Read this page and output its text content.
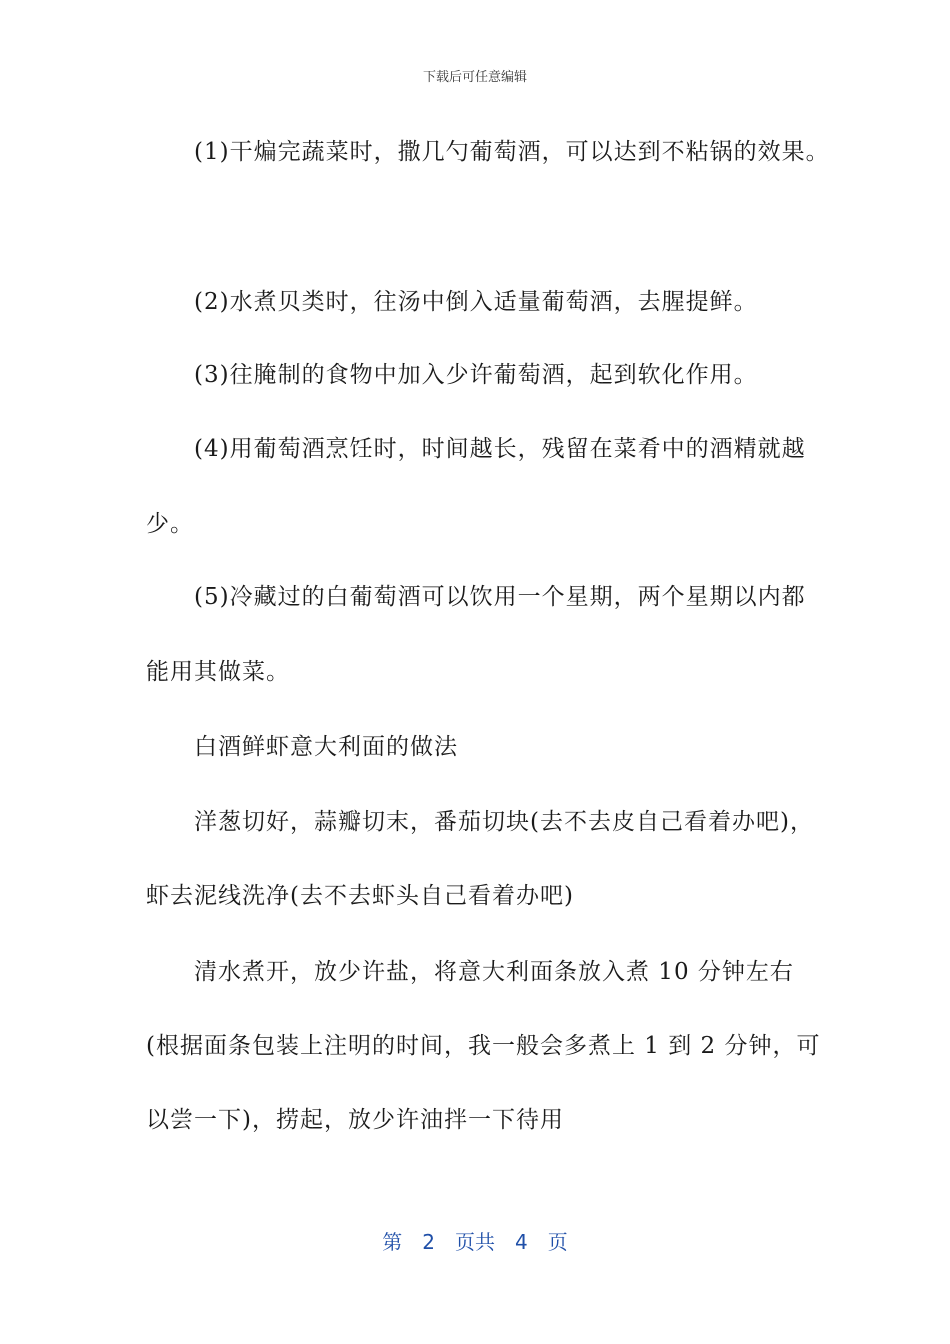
下载后可任意编辑
(1)干煸完蔬菜时，撒几勺葡萄酒，可以达到不粘锅的效果。
(2)水煮贝类时，往汤中倒入适量葡萄酒，去腥提鲜。
(3)往腌制的食物中加入少许葡萄酒，起到软化作用。
(4)用葡萄酒烹饪时，时间越长，残留在菜肴中的酒精就越
少。
(5)冷藏过的白葡萄酒可以饮用一个星期，两个星期以内都
能用其做菜。
白酒鲜虾意大利面的做法
洋葱切好，蒜瓣切末，番茄切块(去不去皮自己看着办吧)，
虾去泥线洗净(去不去虾头自己看着办吧)
清水煮开，放少许盐，将意大利面条放入煮 10 分钟左右
(根据面条包装上注明的时间，我一般会多煮上 1 到 2 分钟，可
以尝一下)，捞起，放少许油拌一下待用
第 2 页共 4 页
